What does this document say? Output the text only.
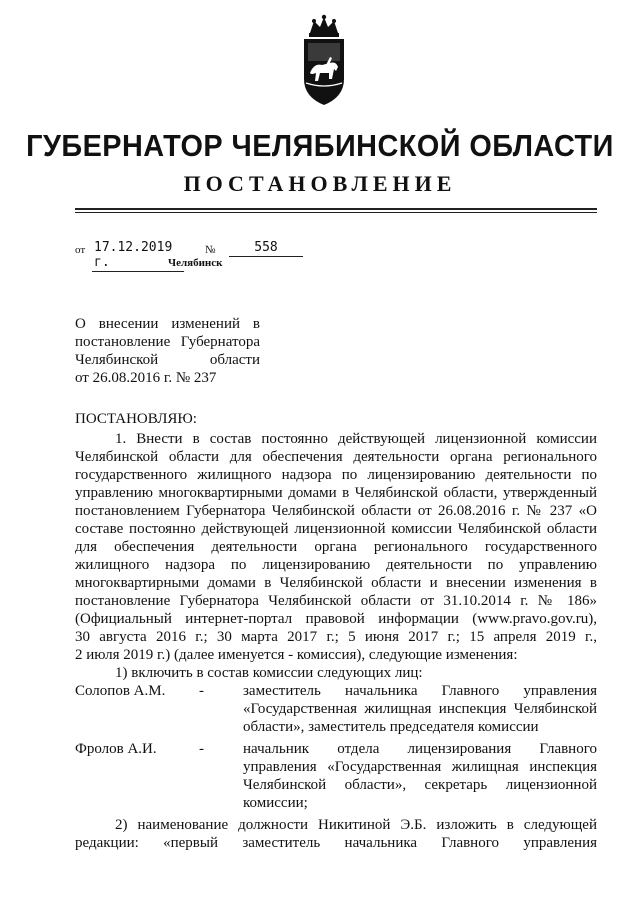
ГУБЕРНАТОР ЧЕЛЯБИНСКОЙ ОБЛАСТИ
ПОСТАНОВЛЕНИЕ
от 17.12.2019 г.
№	558
Челябинск
О внесении изменений в
постановление Губернатора
Челябинской области
от 26.08.2016 г. № 237
ПОСТАНОВЛЯЮ:
1. Внести в состав постоянно действующей лицензионной комиссии
Челябинской области для обеспечения деятельности органа регионального
государственного жилищного надзора по лицензированию деятельности по
управлению многоквартирными домами в Челябинской области, утвержденный
постановлением Губернатора Челябинской области от 26.08.2016 г. № 237 «О
составе постоянно действующей лицензионной комиссии Челябинской области
для обеспечения деятельности органа регионального государственного
жилищного надзора по лицензированию деятельности по управлению
многоквартирными домами в Челябинской области и внесении изменения в
постановление Губернатора Челябинской области от 31.10.2014 г. № 186»
(Официальный интернет-портал правовой информации (www.pravo.gov.ru),
30 августа 2016 г.; 30 марта 2017 г.; 5 июня 2017 г.; 15 апреля 2019 г.,
2 июля 2019 г.) (далее именуется - комиссия), следующие изменения:
1) включить в состав комиссии следующих лиц:
Солопов А.М. -	заместитель начальника Главного управления
«Государственная жилищная инспекция Челябинской
области», заместитель председателя комиссии
Фролов А.И.	-	начальник отдела лицензирования Главного
управления «Государственная жилищная инспекция
Челябинской области», секретарь лицензионной
комиссии;
2) наименование должности Никитиной Э.Б. изложить в следующей
редакции: «первый заместитель начальника Главного управления
